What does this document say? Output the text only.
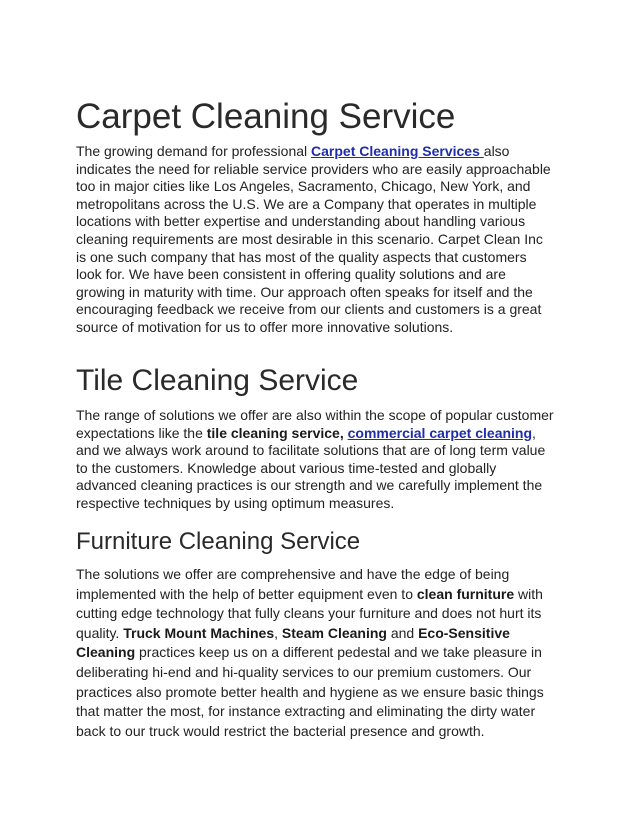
Carpet Cleaning Service

The growing demand for professional Carpet Cleaning Services also indicates the need for reliable service providers who are easily approachable too in major cities like Los Angeles, Sacramento, Chicago, New York, and metropolitans across the U.S. We are a Company that operates in multiple locations with better expertise and understanding about handling various cleaning requirements are most desirable in this scenario. Carpet Clean Inc is one such company that has most of the quality aspects that customers look for. We have been consistent in offering quality solutions and are growing in maturity with time. Our approach often speaks for itself and the encouraging feedback we receive from our clients and customers is a great source of motivation for us to offer more innovative solutions.

Tile Cleaning Service

The range of solutions we offer are also within the scope of popular customer expectations like the tile cleaning service, commercial carpet cleaning, and we always work around to facilitate solutions that are of long term value to the customers. Knowledge about various time-tested and globally advanced cleaning practices is our strength and we carefully implement the respective techniques by using optimum measures.

Furniture Cleaning Service

The solutions we offer are comprehensive and have the edge of being implemented with the help of better equipment even to clean furniture with cutting edge technology that fully cleans your furniture and does not hurt its quality. Truck Mount Machines, Steam Cleaning and Eco-Sensitive Cleaning practices keep us on a different pedestal and we take pleasure in deliberating hi-end and hi-quality services to our premium customers. Our practices also promote better health and hygiene as we ensure basic things that matter the most, for instance extracting and eliminating the dirty water back to our truck would restrict the bacterial presence and growth.
